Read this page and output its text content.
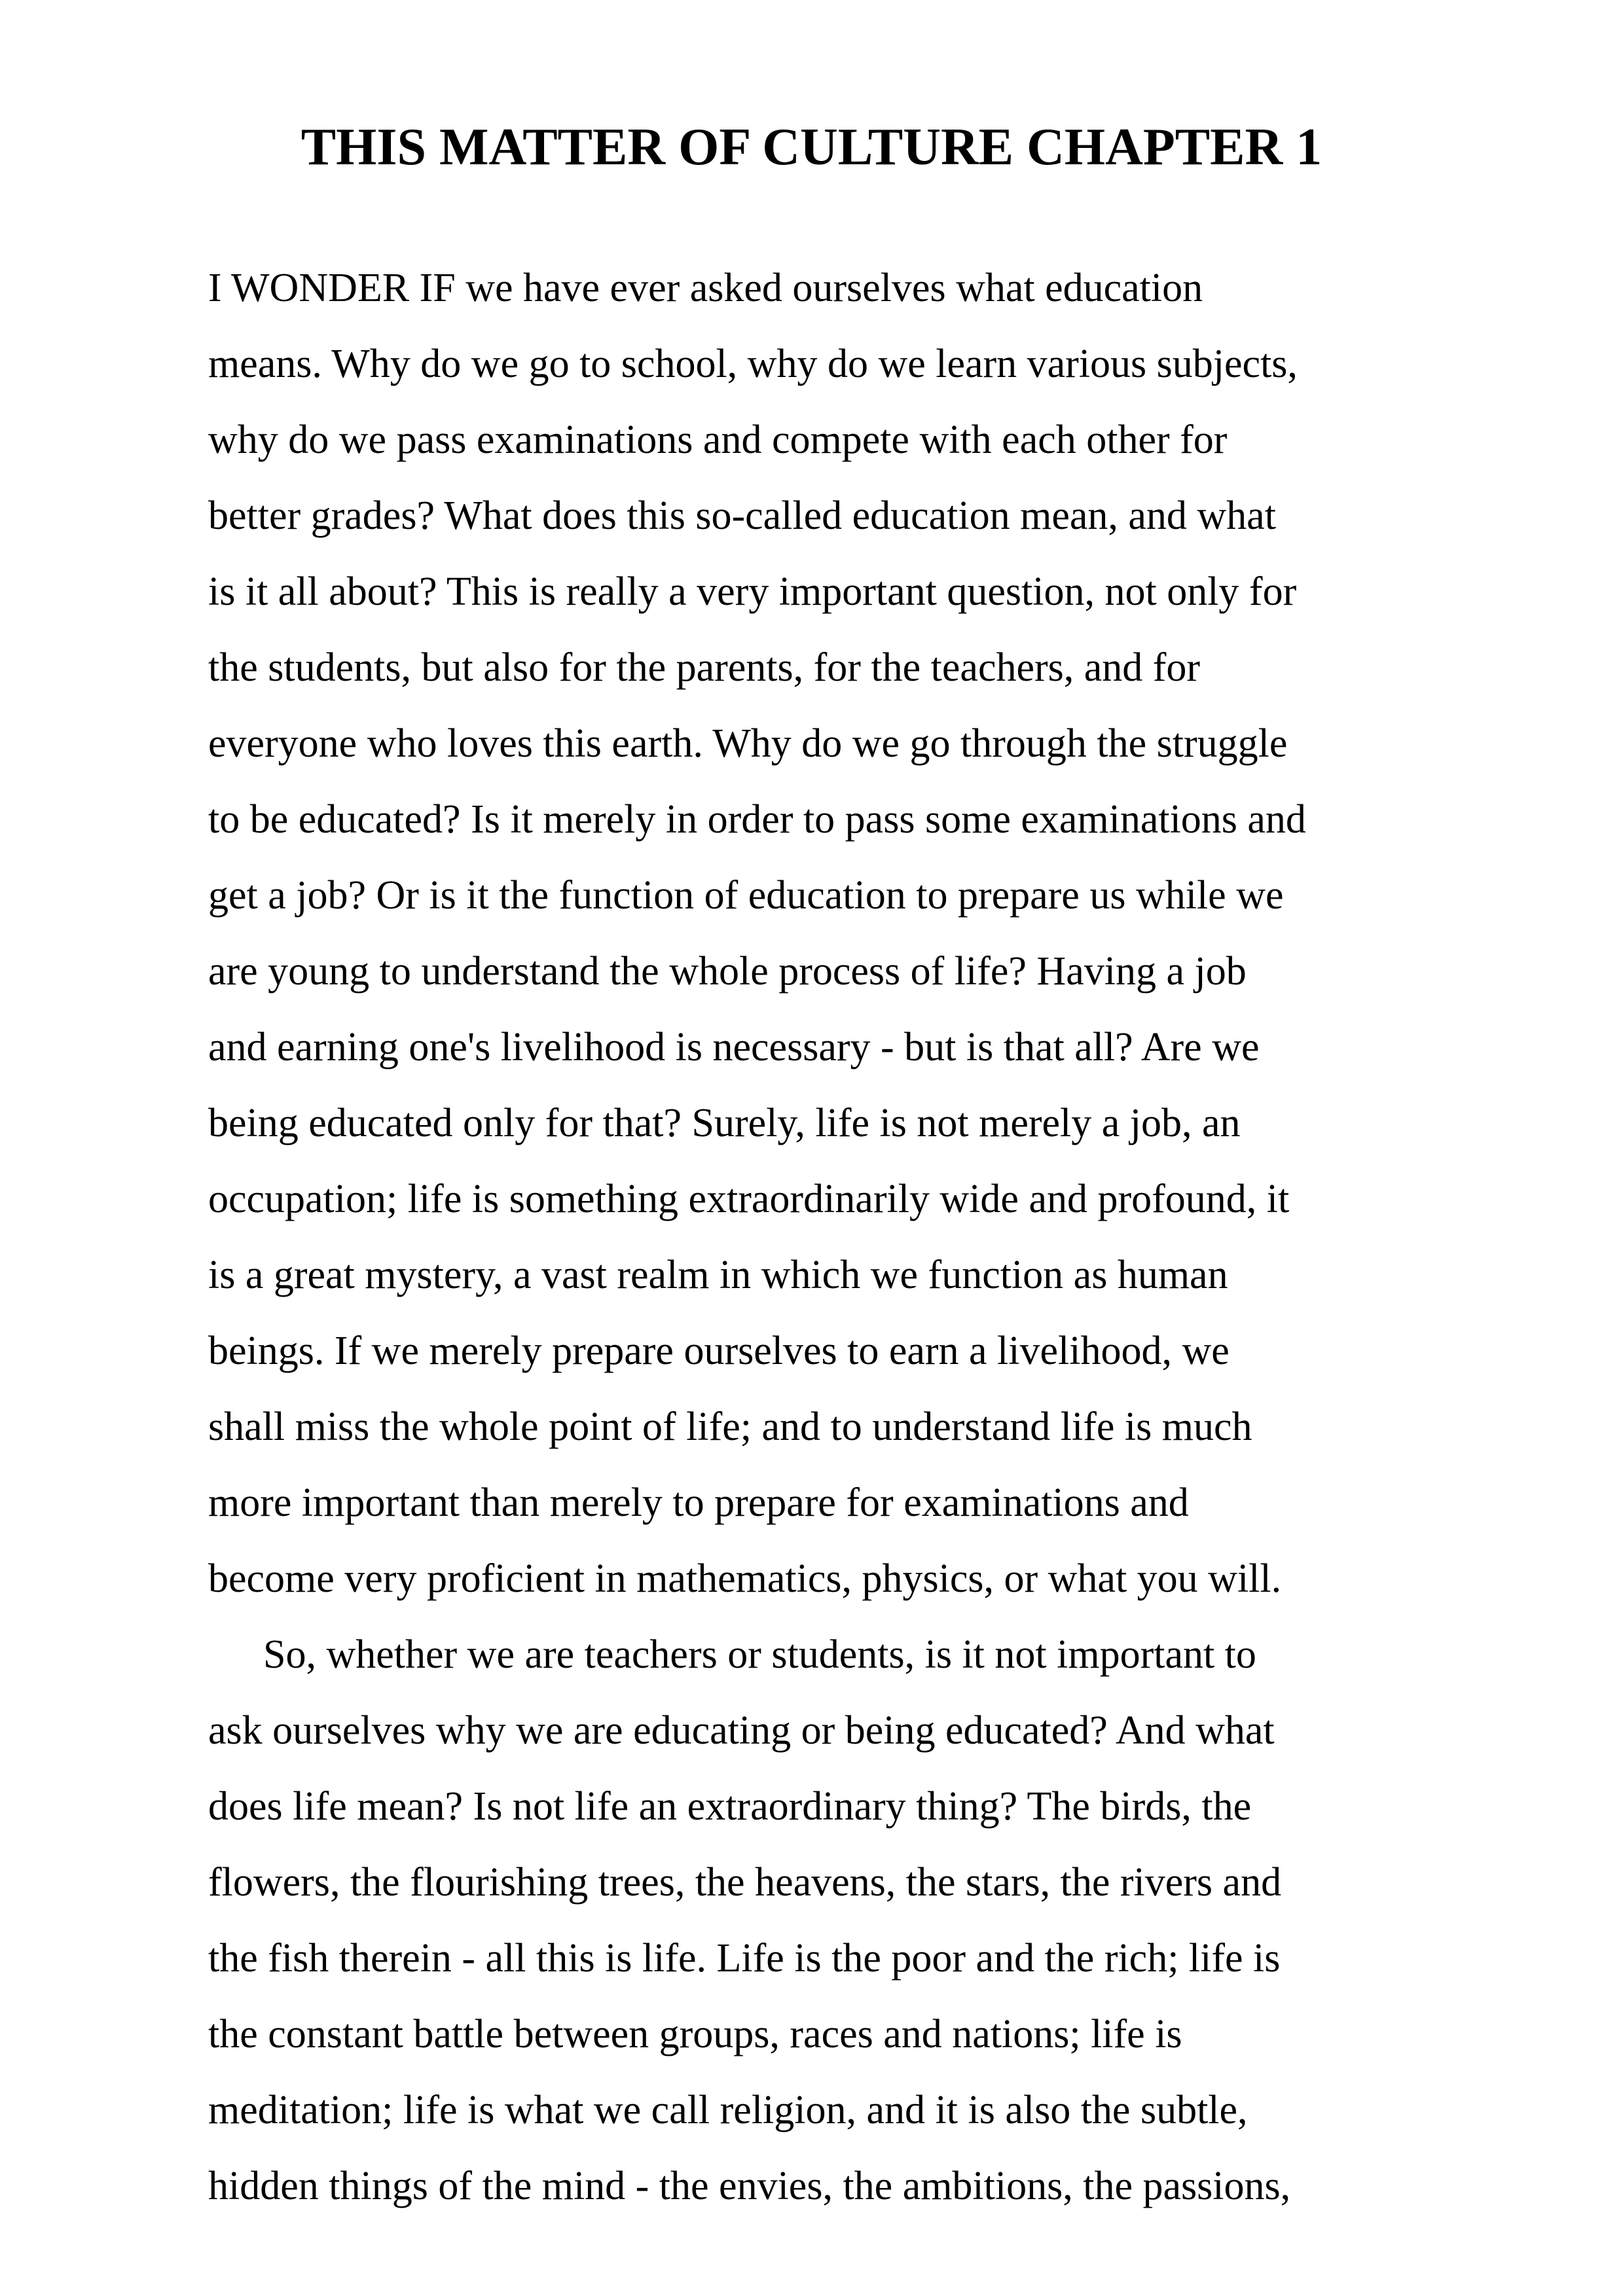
THIS MATTER OF CULTURE CHAPTER 1

I WONDER IF we have ever asked ourselves what education

means. Why do we go to school, why do we learn various subjects,

why do we pass examinations and compete with each other for

better grades? What does this so-called education mean, and what

is it all about? This is really a very important question, not only for

the students, but also for the parents, for the teachers, and for

everyone who loves this earth. Why do we go through the struggle

to be educated? Is it merely in order to pass some examinations and

get a job? Or is it the function of education to prepare us while we

are young to understand the whole process of life? Having a job

and earning one's livelihood is necessary - but is that all? Are we

being educated only for that? Surely, life is not merely a job, an

occupation; life is something extraordinarily wide and profound, it

is a great mystery, a vast realm in which we function as human

beings. If we merely prepare ourselves to earn a livelihood, we

shall miss the whole point of life; and to understand life is much

more important than merely to prepare for examinations and

become very proficient in mathematics, physics, or what you will.

So, whether we are teachers or students, is it not important to

ask ourselves why we are educating or being educated? And what

does life mean? Is not life an extraordinary thing? The birds, the

flowers, the flourishing trees, the heavens, the stars, the rivers and

the fish therein - all this is life. Life is the poor and the rich; life is

the constant battle between groups, races and nations; life is

meditation; life is what we call religion, and it is also the subtle,

hidden things of the mind - the envies, the ambitions, the passions,
